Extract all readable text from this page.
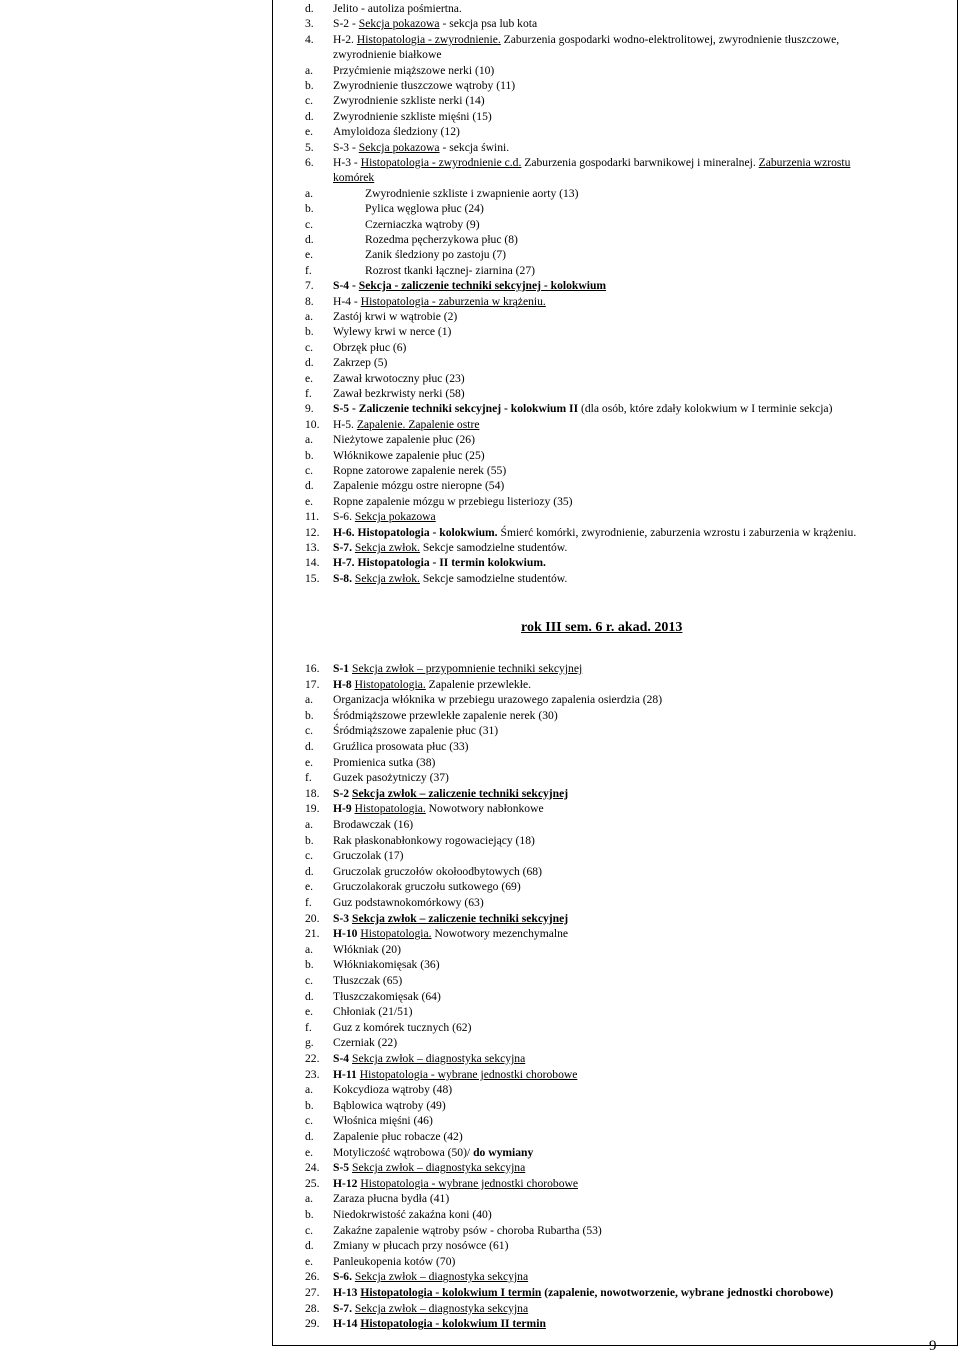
d. Jelito - autoliza pośmiertna.
3. S-2 - Sekcja pokazowa - sekcja psa lub kota
4. H-2. Histopatologia - zwyrodnienie. Zaburzenia gospodarki wodno-elektrolitowej, zwyrodnienie tłuszczowe,
zwyrodnienie białkowe
a. Przyćmienie miąższowe nerki (10)
b. Zwyrodnienie tłuszczowe wątroby (11)
c. Zwyrodnienie szkliste nerki (14)
d. Zwyrodnienie szkliste mięśni (15)
e. Amyloidoza śledziony (12)
5. S-3 - Sekcja pokazowa - sekcja świni.
6. H-3 - Histopatologia - zwyrodnienie c.d. Zaburzenia gospodarki barwnikowej i mineralnej. Zaburzenia wzrostu
komórek
a.	Zwyrodnienie szkliste i zwapnienie aorty (13)
b.	Pylica węglowa płuc (24)
c.	Czerniaczka wątroby (9)
d.	Rozedma pęcherzykowa płuc (8)
e.	Zanik śledziony po zastoju (7)
f.	Rozrost tkanki łącznej- ziarnina (27)
7. S-4 - Sekcja - zaliczenie techniki sekcyjnej - kolokwium
8. H-4 - Histopatologia - zaburzenia w krążeniu.
a. Zastój krwi w wątrobie (2)
b. Wylewy krwi w nerce (1)
c. Obrzęk płuc (6)
d. Zakrzep (5)
e. Zawał krwotoczny płuc (23)
f. Zawał bezkrwisty nerki (58)
9. S-5 - Zaliczenie techniki sekcyjnej - kolokwium II (dla osób, które zdały kolokwium w I terminie sekcja)
10. H-5. Zapalenie. Zapalenie ostre
a. Nieżytowe zapalenie płuc (26)
b. Włóknikowe zapalenie płuc (25)
c. Ropne zatorowe zapalenie nerek (55)
d. Zapalenie mózgu ostre nieropne (54)
e. Ropne zapalenie mózgu w przebiegu listeriozy (35)
11. S-6. Sekcja pokazowa
12. H-6. Histopatologia - kolokwium. Śmierć komórki, zwyrodnienie, zaburzenia wzrostu i zaburzenia w krążeniu.
13. S-7. Sekcja zwłok. Sekcje samodzielne studentów.
14. H-7. Histopatologia - II termin kolokwium.
15. S-8. Sekcja zwłok. Sekcje samodzielne studentów.
16. S-1 Sekcja zwłok – przypomnienie techniki sekcyjnej
17. H-8 Histopatologia. Zapalenie przewlekłe.
a. Organizacja włóknika w przebiegu urazowego zapalenia osierdzia (28)
b. Śródmiąższowe przewlekłe zapalenie nerek (30)
c. Śródmiąższowe zapalenie płuc (31)
d. Gruźlica prosowata płuc (33)
e. Promienica sutka (38)
f. Guzek pasożytniczy (37)
18. S-2 Sekcja zwłok – zaliczenie techniki sekcyjnej
19. H-9 Histopatologia. Nowotwory nabłonkowe
a. Brodawczak (16)
b. Rak płaskonabłonkowy rogowaciejący (18)
c. Gruczolak (17)
d. Gruczolak gruczołów okołoodbytowych (68)
e. Gruczolakorak gruczołu sutkowego (69)
f. Guz podstawnokomórkowy (63)
20. S-3 Sekcja zwłok – zaliczenie techniki sekcyjnej
21. H-10 Histopatologia. Nowotwory mezenchymalne
a. Włókniak (20)
b. Włókniakomięsak (36)
c. Tłuszczak (65)
d. Tłuszczakomięsak (64)
e. Chłoniak (21/51)
f. Guz z komórek tucznych (62)
g. Czerniak (22)
22. S-4 Sekcja zwłok – diagnostyka sekcyjna
23. H-11 Histopatologia - wybrane jednostki chorobowe
a. Kokcydioza wątroby (48)
b. Bąblowica wątroby (49)
c. Włośnica mięśni (46)
d. Zapalenie płuc robacze (42)
e. Motyliczość wątrobowa (50)/ do wymiany
24. S-5 Sekcja zwłok – diagnostyka sekcyjna
25. H-12 Histopatologia - wybrane jednostki chorobowe
a. Zaraza płucna bydła (41)
b. Niedokrwistość zakaźna koni (40)
c. Zakaźne zapalenie wątroby psów - choroba Rubartha (53)
d. Zmiany w płucach przy nosówce (61)
e. Panleukopenia kotów (70)
26. S-6. Sekcja zwłok – diagnostyka sekcyjna
27. H-13 Histopatologia - kolokwium I termin (zapalenie, nowotworzenie, wybrane jednostki chorobowe)
28. S-7. Sekcja zwłok – diagnostyka sekcyjna
29. H-14 Histopatologia - kolokwium II termin
rok III sem. 6 r. akad. 2013
9
